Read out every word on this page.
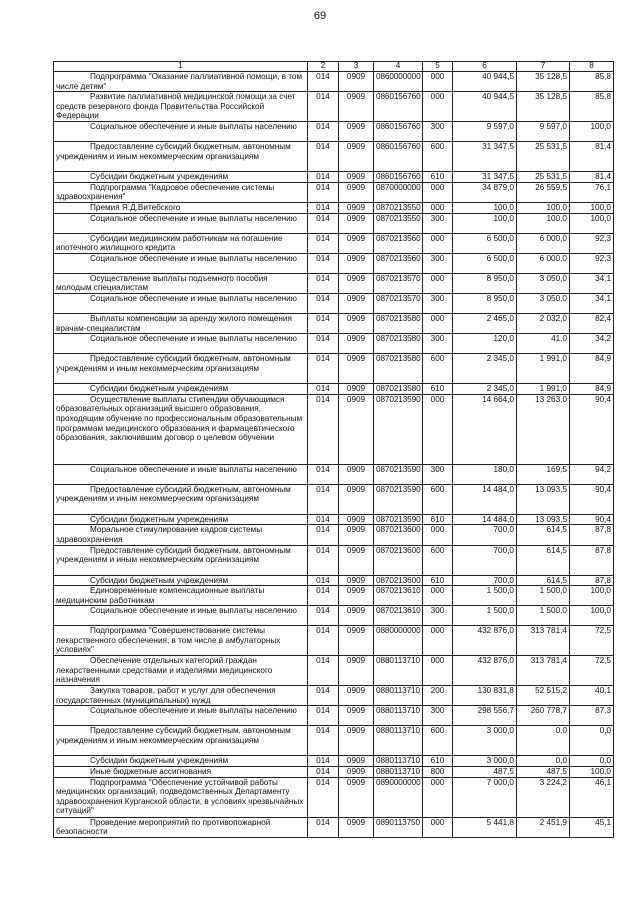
69
1	2	3	4	5	6	7	8
Подпрограмма "Оказание паллиативной помощи, в том числе детям"	014	0909	0860000000	000	40 944,5	35 128,5	85,8
Развитие паллиативной медицинской помощи за счет средств резервного фонда Правительства Российской Федерации	014	0909	0860156760	000	40 944,5	35 128,5	85,8
Социальное обеспечение и иные выплаты населению	014	0909	0860156760	300	9 597,0	9 597,0	100,0
Предоставление субсидий бюджетным, автономным учреждениям и иным некоммерческим организациям	014	0909	0860156760	600	31 347,5	25 531,5	81,4
Субсидии бюджетным учреждениям	014	0909	0860156760	610	31 347,5	25 531,5	81,4
Подпрограмма "Кадровое обеспечение системы здравоохранения"	014	0909	0870000000	000	34 879,0	26 559,5	76,1
Премия Я.Д.Витебского	014	0909	0870213550	000	100,0	100,0	100,0
Социальное обеспечение и иные выплаты населению	014	0909	0870213550	300	100,0	100,0	100,0
Субсидии медицинским работникам на погашение ипотечного жилищного кредита	014	0909	0870213560	000	6 500,0	6 000,0	92,3
Социальное обеспечение и иные выплаты населению	014	0909	0870213560	300	6 500,0	6 000,0	92,3
Осуществление выплаты подъемного пособия молодым специалистам	014	0909	0870213570	000	8 950,0	3 050,0	34,1
Социальное обеспечение и иные выплаты населению	014	0909	0870213570	300	8 950,0	3 050,0	34,1
Выплаты компенсации за аренду жилого помещения врачам-специалистам	014	0909	0870213580	000	2 465,0	2 032,0	82,4
Социальное обеспечение и иные выплаты населению	014	0909	0870213580	300	120,0	41,0	34,2
Предоставление субсидий бюджетным, автономным учреждениям и иным некоммерческим организациям	014	0909	0870213580	600	2 345,0	1 991,0	84,9
Субсидии бюджетным учреждениям	014	0909	0870213580	610	2 345,0	1 991,0	84,9
Осуществление выплаты стипендии обучающимся образовательных организаций высшего образования, проходящим обучение по профессиональным образовательным программам медицинского образования и фармацевтического образования, заключившим договор о целевом обучении	014	0909	0870213590	000	14 664,0	13 263,0	90,4
Социальное обеспечение и иные выплаты населению	014	0909	0870213590	300	180,0	169,5	94,2
Предоставление субсидий бюджетным, автономным учреждениям и иным некоммерческим организациям	014	0909	0870213590	600	14 484,0	13 093,5	90,4
Субсидии бюджетным учреждениям	014	0909	0870213590	610	14 484,0	13 093,5	90,4
Моральное стимулирование кадров системы здравоохранения	014	0909	0870213600	000	700,0	614,5	87,8
Предоставление субсидий бюджетным, автономным учреждениям и иным некоммерческим организациям	014	0909	0870213600	600	700,0	614,5	87,8
Субсидии бюджетным учреждениям	014	0909	0870213600	610	700,0	614,5	87,8
Единовременные компенсационные выплаты медицинским работникам	014	0909	0870213610	000	1 500,0	1 500,0	100,0
Социальное обеспечение и иные выплаты населению	014	0909	0870213610	300	1 500,0	1 500,0	100,0
Подпрограмма "Совершенствование системы лекарственного обеспечения, в том числе в амбулаторных условиях"	014	0909	0880000000	000	432 876,0	313 781,4	72,5
Обеспечение отдельных категорий граждан лекарственными средствами и изделиями медицинского назначения	014	0909	0880113710	000	432 876,0	313 781,4	72,5
Закупка товаров, работ и услуг для обеспечения государственных (муниципальных) нужд	014	0909	0880113710	200	130 831,8	52 515,2	40,1
Социальное обеспечение и иные выплаты населению	014	0909	0880113710	300	298 556,7	260 778,7	87,3
Предоставление субсидий бюджетным, автономным учреждениям и иным некоммерческим организациям	014	0909	0880113710	600	3 000,0	0,0	0,0
Субсидии бюджетным учреждениям	014	0909	0880113710	610	3 000,0	0,0	0,0
Иные бюджетные ассигнования	014	0909	0880113710	800	487,5	487,5	100,0
Подпрограмма "Обеспечение устойчивой работы медицинских организаций, подведомственных Департаменту здравоохранения Курганской области, в условиях чрезвычайных ситуаций"	014	0909	0890000000	000	7 000,0	3 224,2	46,1
Проведение мероприятий по противопожарной безопасности	014	0909	0890113750	000	5 441,8	2 451,9	45,1
